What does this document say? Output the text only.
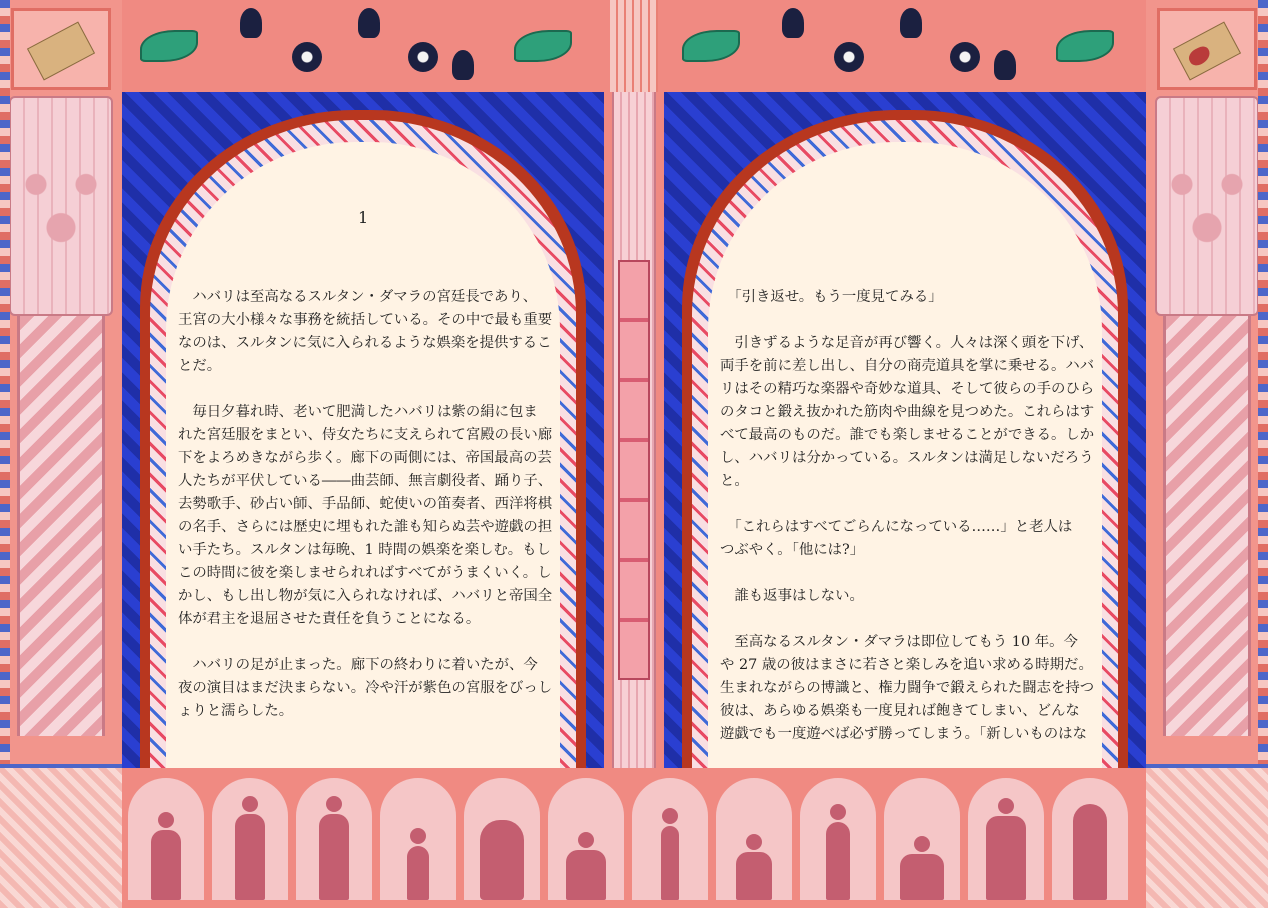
1
　ハバリは至高なるスルタン・ダマラの宮廷長であり、
王宮の大小様々な事務を統括している。その中で最も重要
なのは、スルタンに気に入られるような娯楽を提供するこ
とだ。

　毎日夕暮れ時、老いて肥満したハバリは紫の絹に包ま
れた宮廷服をまとい、侍女たちに支えられて宮殿の長い廊
下をよろめきながら歩く。廊下の両側には、帝国最高の芸
人たちが平伏している――曲芸師、無言劇役者、踊り子、
去勢歌手、砂占い師、手品師、蛇使いの笛奏者、西洋将棋
の名手、さらには歴史に埋もれた誰も知らぬ芸や遊戯の担
い手たち。スルタンは毎晩、1 時間の娯楽を楽しむ。もし
この時間に彼を楽しませられればすべてがうまくいく。し
かし、もし出し物が気に入られなければ、ハバリと帝国全
体が君主を退屈させた責任を負うことになる。

　ハバリの足が止まった。廊下の終わりに着いたが、今
夜の演目はまだ決まらない。冷や汗が紫色の宮服をびっし
ょりと濡らした。
　「引き返せ。もう一度見てみる」

　引きずるような足音が再び響く。人々は深く頭を下げ、
両手を前に差し出し、自分の商売道具を掌に乗せる。ハバ
リはその精巧な楽器や奇妙な道具、そして彼らの手のひら
のタコと鍛え抜かれた筋肉や曲線を見つめた。これらはす
べて最高のものだ。誰でも楽しませることができる。しか
し、ハバリは分かっている。スルタンは満足しないだろう
と。

　「これらはすべてごらんになっている……」と老人は
つぶやく。「他には?」

　誰も返事はしない。

　至高なるスルタン・ダマラは即位してもう 10 年。今
や 27 歳の彼はまさに若さと楽しみを追い求める時期だ。
生まれながらの博識と、権力闘争で鍛えられた闘志を持つ
彼は、あらゆる娯楽も一度見れば飽きてしまい、どんな
遊戯でも一度遊べば必ず勝ってしまう。「新しいものはな
